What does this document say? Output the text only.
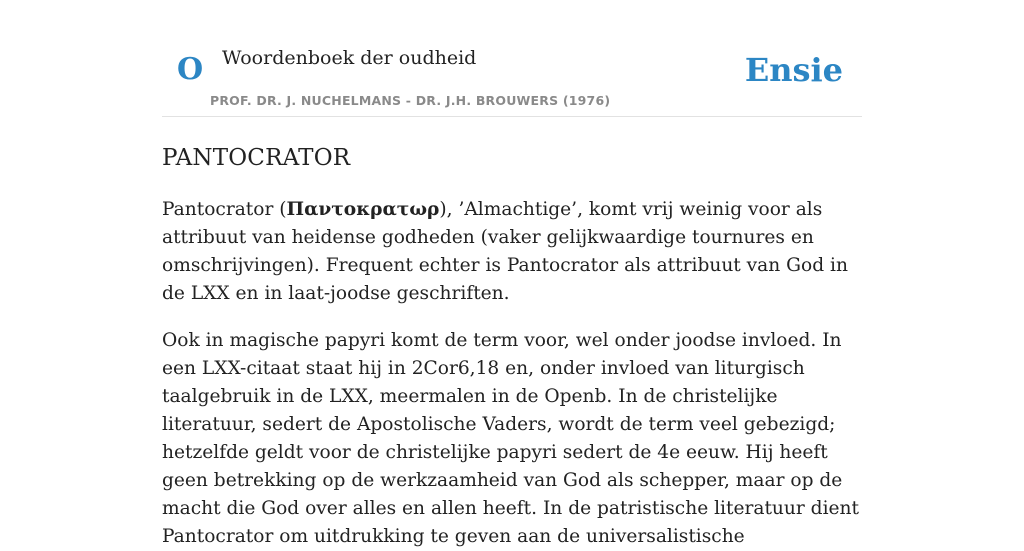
O Woordenboek der oudheid
PROF. DR. J. NUCHELMANS - DR. J.H. BROUWERS (1976)
Ensie
PANTOCRATOR

Pantocrator (Παντοκρατωρ), ’Almachtige’, komt vrij weinig voor als attribuut van heidense godheden (vaker gelijkwaardige tournures en omschrijvingen). Frequent echter is Pantocrator als attribuut van God in de LXX en in laat-joodse geschriften.

Ook in magische papyri komt de term voor, wel onder joodse invloed. In een LXX-citaat staat hij in 2Cor6,18 en, onder invloed van liturgisch taalgebruik in de LXX, meermalen in de Openb. In de christelijke literatuur, sedert de Apostolische Vaders, wordt de term veel gebezigd; hetzelfde geldt voor de christelijke papyri sedert de 4e eeuw. Hij heeft geen betrekking op de werkzaamheid van God als schepper, maar op de macht die God over alles en allen heeft. In de patristische literatuur dient Pantocrator om uitdrukking te geven aan de universalistische
